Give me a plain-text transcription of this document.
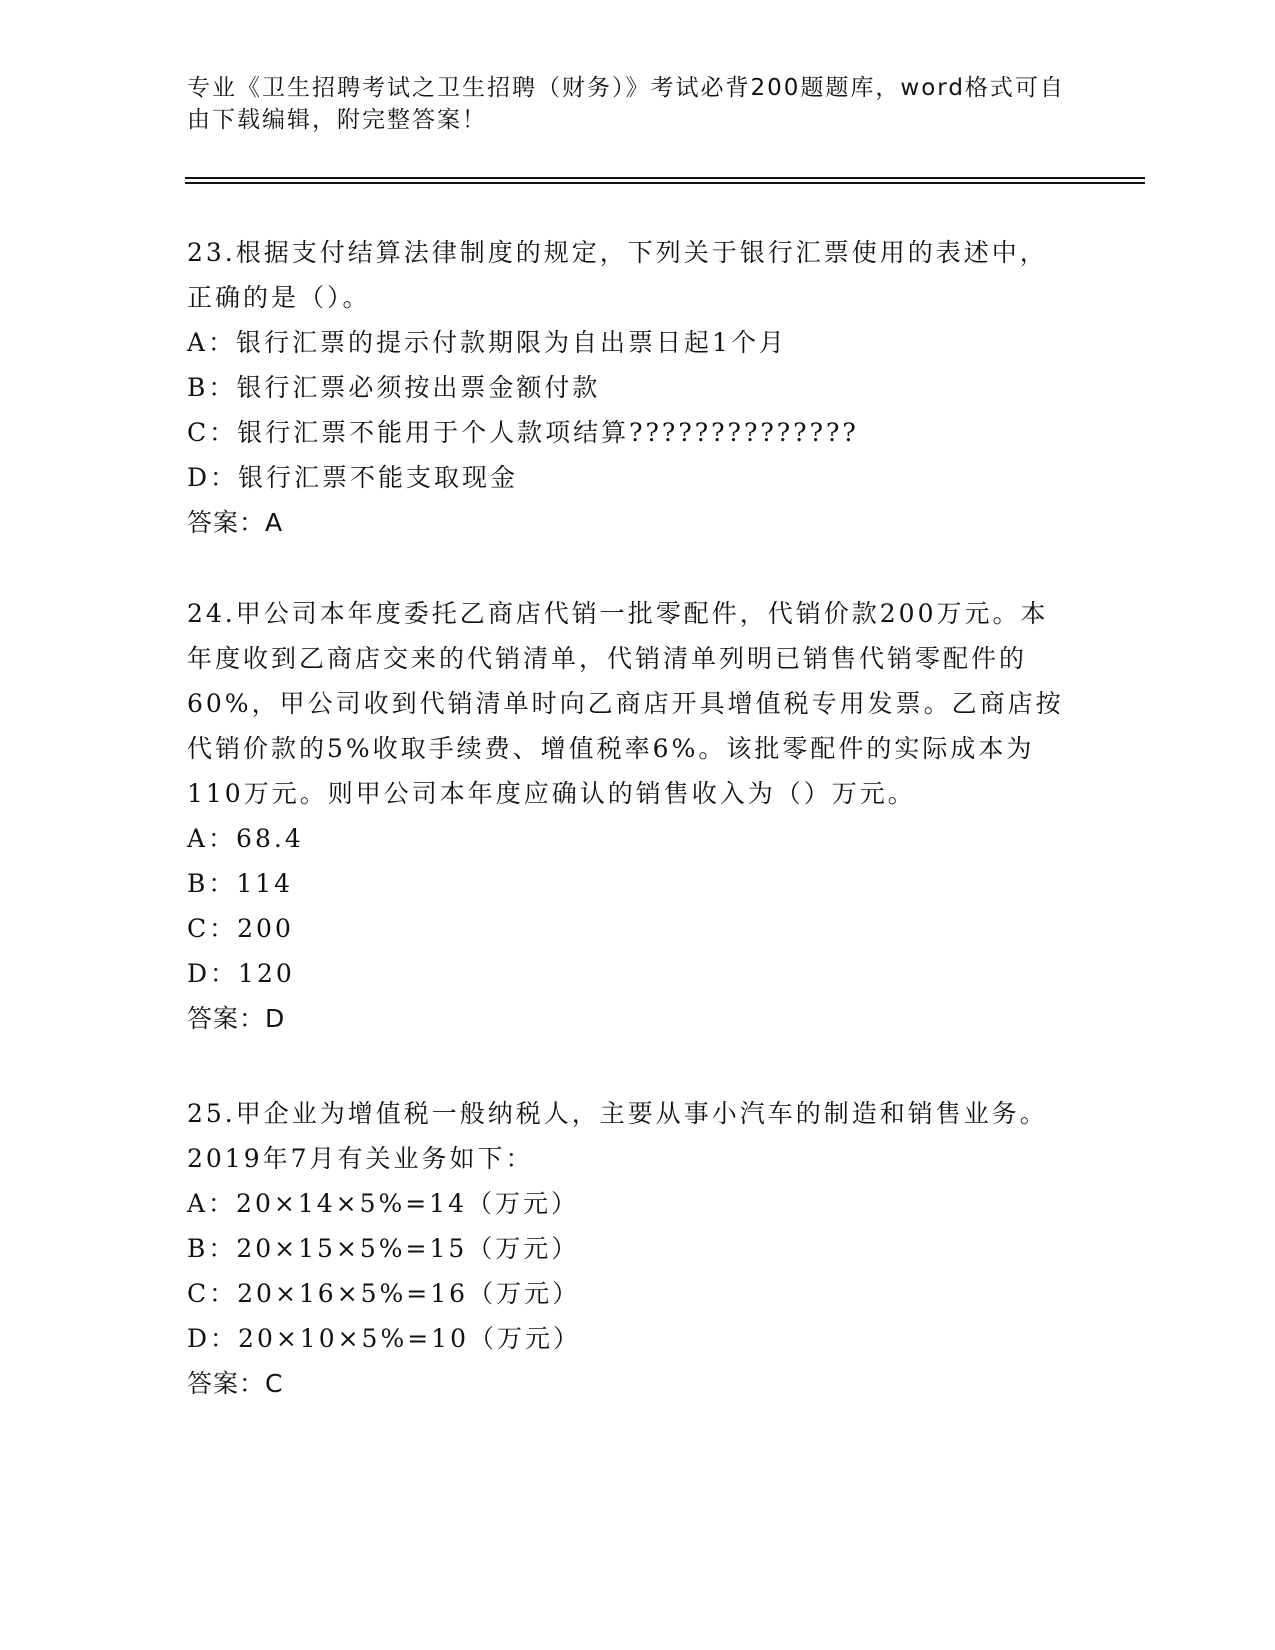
专业《卫生招聘考试之卫生招聘（财务）》考试必背200题题库，word格式可自由下载编辑，附完整答案！

23.根据支付结算法律制度的规定，下列关于银行汇票使用的表述中，正确的是（）。

A：银行汇票的提示付款期限为自出票日起1个月

B：银行汇票必须按出票金额付款

C：银行汇票不能用于个人款项结算??????????????

D：银行汇票不能支取现金

答案：A

24.甲公司本年度委托乙商店代销一批零配件，代销价款200万元。本年度收到乙商店交来的代销清单，代销清单列明已销售代销零配件的60%，甲公司收到代销清单时向乙商店开具增值税专用发票。乙商店按代销价款的5%收取手续费、增值税率6%。该批零配件的实际成本为110万元。则甲公司本年度应确认的销售收入为（）万元。

A：68.4

B：114

C：200

D：120

答案：D

25.甲企业为增值税一般纳税人，主要从事小汽车的制造和销售业务。2019年7月有关业务如下：

A：20×14×5%=14（万元）

B：20×15×5%=15（万元）

C：20×16×5%=16（万元）

D：20×10×5%=10（万元）

答案：C
